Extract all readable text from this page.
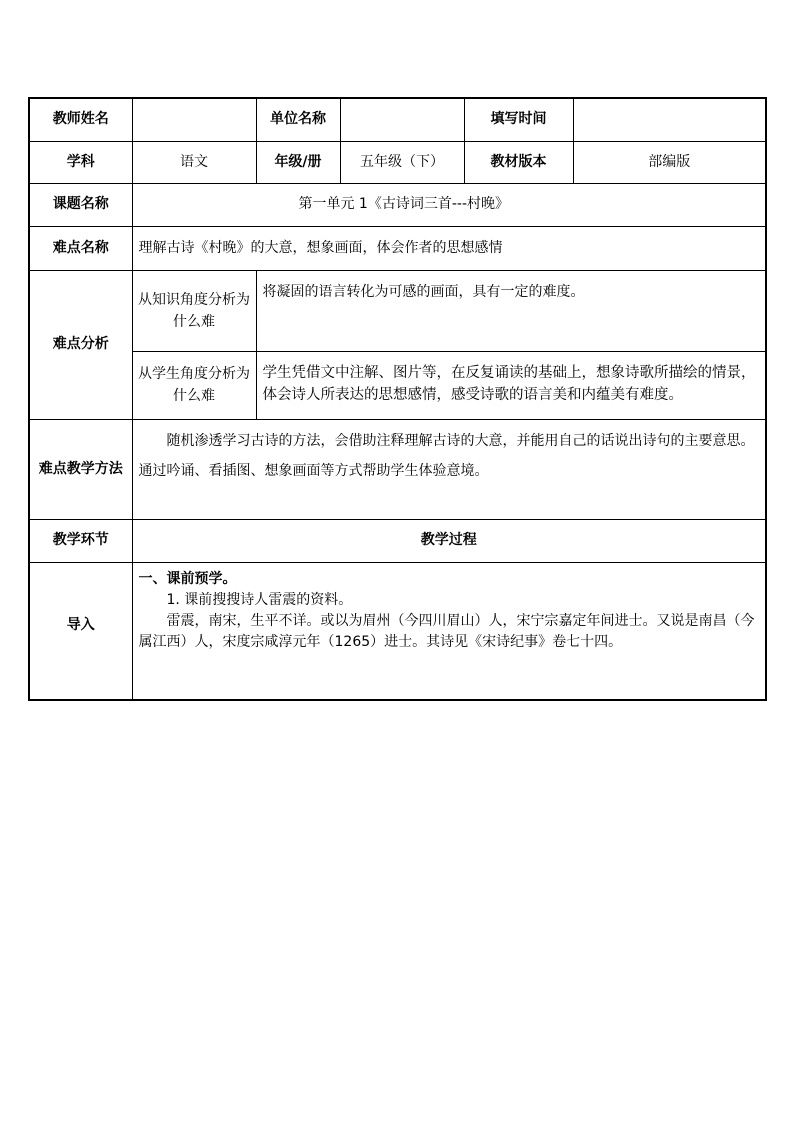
教师姓名		单位名称		填写时间	
学科	语文	年级/册	五年级（下）	教材版本	部编版
课题名称	第一单元 1《古诗词三首---村晚》				
难点名称	理解古诗《村晚》的大意，想象画面，体会作者的思想感情				
难点分析	从知识角度分析为什么难	将凝固的语言转化为可感的画面，具有一定的难度。			
	从学生角度分析为什么难	学生凭借文中注解、图片等，在反复诵读的基础上，想象诗歌所描绘的情景，体会诗人所表达的思想感情，感受诗歌的语言美和内蕴美有难度。			
难点教学方法	随机渗透学习古诗的方法，会借助注释理解古诗的大意，并能用自己的话说出诗句的主要意思。通过吟诵、看插图、想象画面等方式帮助学生体验意境。				
教学环节	教学过程				
导入	一、课前预学。
1. 课前搜搜诗人雷震的资料。
雷震，南宋，生平不详。或以为眉州（今四川眉山）人，宋宁宗嘉定年间进士。又说是南昌（今属江西）人，宋度宗咸淳元年（1265）进士。其诗见《宋诗纪事》卷七十四。				
